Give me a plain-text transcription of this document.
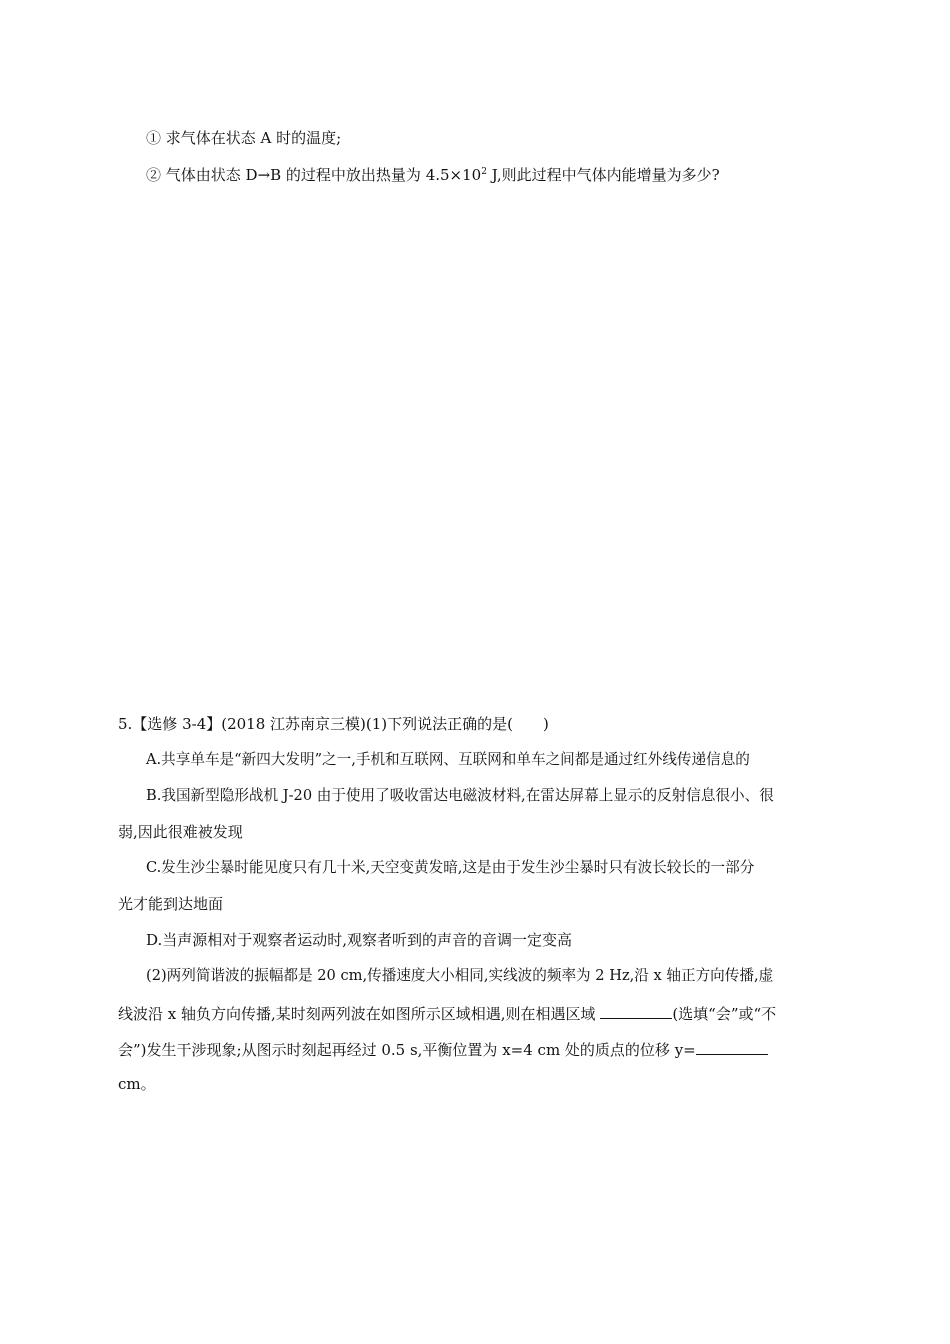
① 求气体在状态 A 时的温度;
② 气体由状态 D→B 的过程中放出热量为 $4.5\times 10^2$ J,则此过程中气体内能增量为多少?
5.【选修 3-4】(2018 江苏南京三模)(1)下列说法正确的是(　　)
A.共享单车是“新四大发明”之一,手机和互联网、互联网和单车之间都是通过红外线传递信息的
B.我国新型隐形战机 J-20 由于使用了吸收雷达电磁波材料,在雷达屏幕上显示的反射信息很小、很
弱,因此很难被发现
C.发生沙尘暴时能见度只有几十米,天空变黄发暗,这是由于发生沙尘暴时只有波长较长的一部分
光才能到达地面
D.当声源相对于观察者运动时,观察者听到的声音的音调一定变高
(2)两列简谐波的振幅都是 20 cm,传播速度大小相同,实线波的频率为 2 Hz,沿 x 轴正方向传播,虚
线波沿 x 轴负方向传播,某时刻两列波在如图所示区域相遇,则在相遇区域	(选填“会”或“不
会”)发生干涉现象;从图示时刻起再经过 0.5 s,平衡位置为 x=4 cm 处的质点的位移 y=
cm。
